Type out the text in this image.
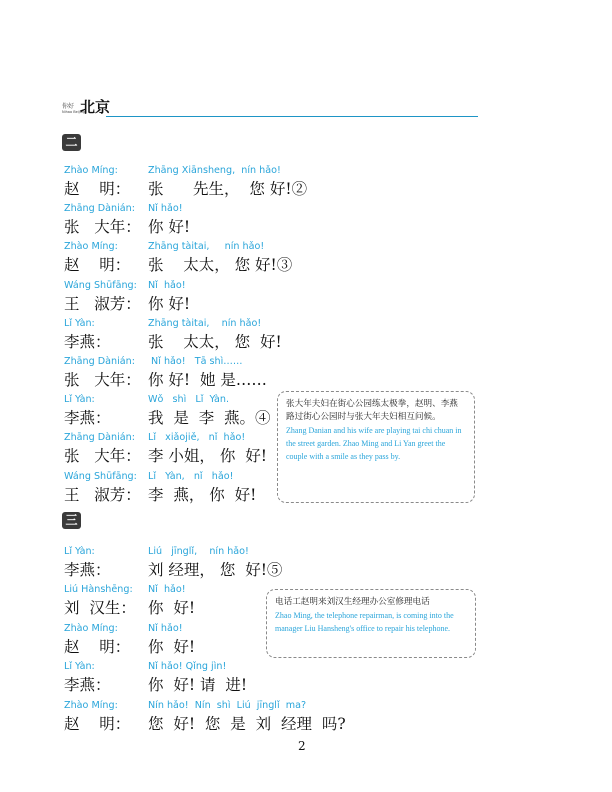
你好
Nihao Beijing
北京
二
三
Zhào Míng:
赵    明：
Zhāng Xiānsheng,  nín hǎo!
张      先生，  您 好!②
Zhāng Dànián:
张   大年：
Nǐ hǎo!
你 好!
Zhào Míng:
赵    明：
Zhāng tàitai,     nín hǎo!
张    太太， 您 好!③
Wáng Shūfāng:
王   淑芳：
Nǐ  hǎo!
你 好!
Lǐ Yàn:
李燕：
Zhāng tàitai,    nín hǎo!
张    太太， 您  好!
Zhāng Dànián:
张   大年：
Nǐ hǎo!   Tā shì……
你 好!  她 是……
Lǐ Yàn:
李燕：
Wǒ   shì   Lǐ  Yàn.
我  是  李  燕。④
Zhāng Dànián:
张   大年：
Lǐ   xiǎojiě,   nǐ  hǎo!
李 小姐， 你  好!
Wáng Shūfāng:
王   淑芳：
Lǐ   Yàn,   nǐ   hǎo!
李  燕， 你  好!
Lǐ Yàn:
李燕：
Liú   jīnglǐ,    nín hǎo!
刘 经理， 您  好!⑤
Liú Hànshēng:
刘  汉生：
Nǐ  hǎo!
你  好!
Zhào Míng:
赵    明：
Nǐ hǎo!
你  好!
Lǐ Yàn:
李燕：
Nǐ hǎo! Qǐng jìn!
你  好! 请  进!
Zhào Míng:
赵    明：
Nín hǎo!  Nín  shì  Liú  jīnglǐ  ma?
您  好!  您  是  刘  经理  吗?
张大年夫妇在街心公园练太极拳，赵明、李燕路过街心公园时与张大年夫妇相互问候。
Zhang Danian and his wife are playing tai chi chuan in the street garden. Zhao Ming and Li Yan greet the couple with a smile as they pass by.
电话工赵明来刘汉生经理办公室修理电话
Zhao Ming, the telephone repairman, is coming into the manager Liu Hansheng's office to repair his telephone.
2
